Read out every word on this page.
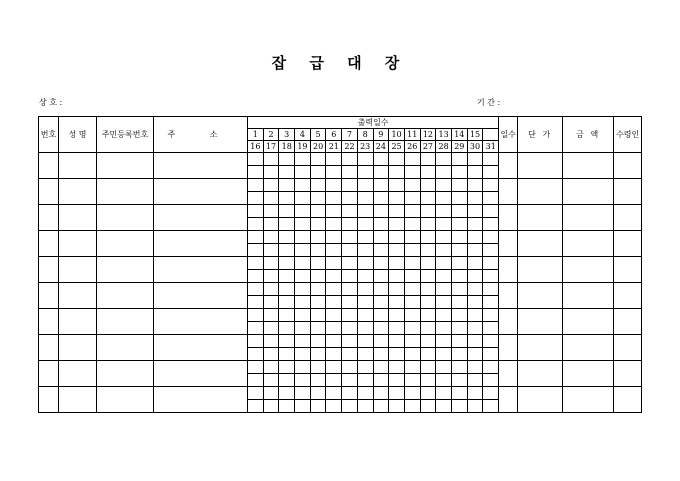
잡 급 대 장
상 호 :	기 간 :
번호	성 명	주민등록번호	주 소	출력일수																일수	단 가	금 액	수령인
				1	2	3	4	5	6	7	8	9	10	11	12	13	14	15					
				16	17	18	19	20	21	22	23	24	25	26	27	28	29	30	31				
